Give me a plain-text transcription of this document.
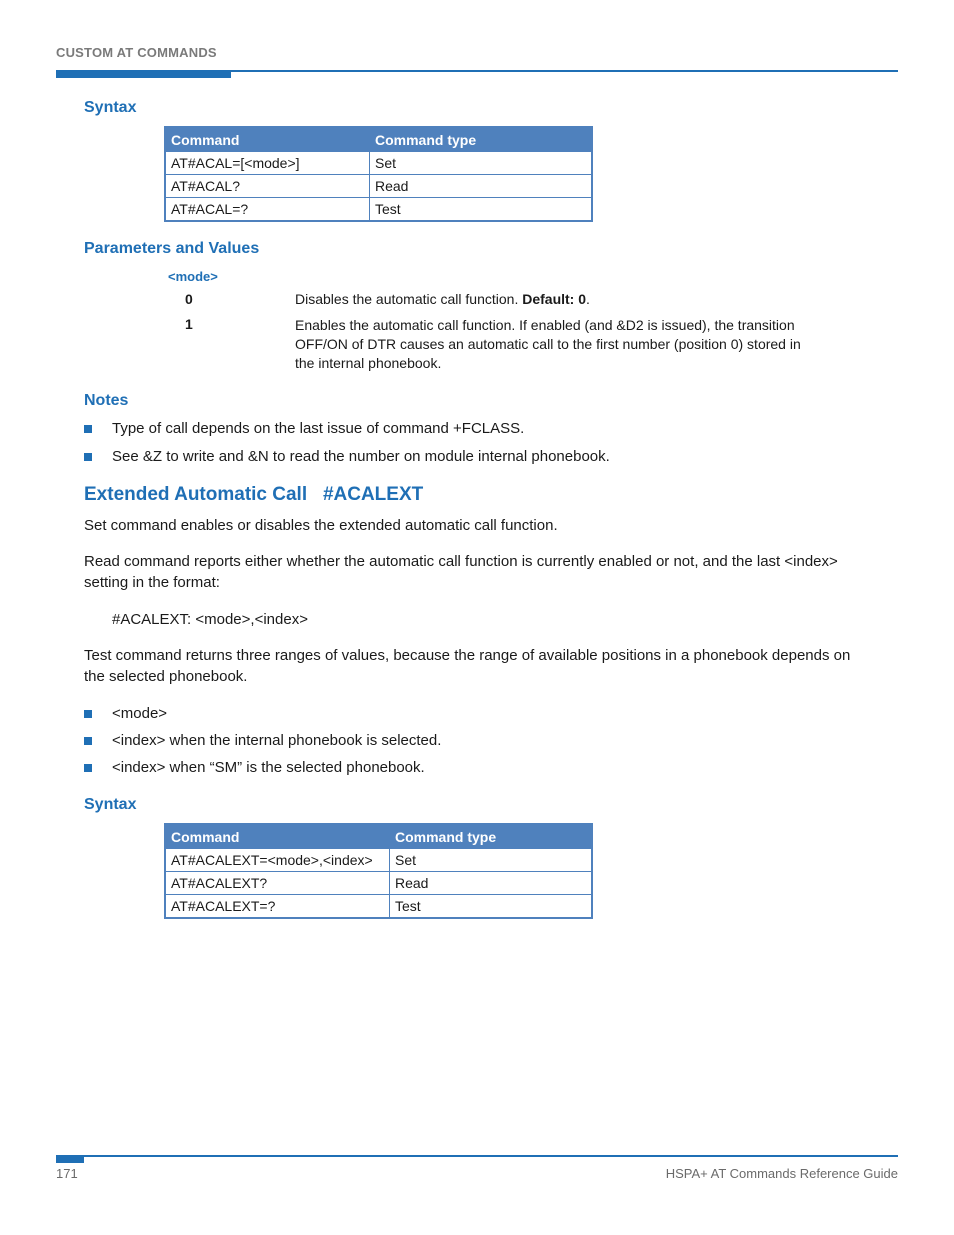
CUSTOM AT COMMANDS
Syntax
Command	Command type
AT#ACAL=[<mode>]	Set
AT#ACAL?	Read
AT#ACAL=?	Test
Parameters and Values
<mode>
0	Disables the automatic call function. Default: 0.
1	Enables the automatic call function. If enabled (and &D2 is issued), the transition OFF/ON of DTR causes an automatic call to the first number (position 0) stored in the internal phonebook.
Notes
Type of call depends on the last issue of command +FCLASS.
See &Z to write and &N to read the number on module internal phonebook.
Extended Automatic Call   #ACALEXT
Set command enables or disables the extended automatic call function.
Read command reports either whether the automatic call function is currently enabled or not, and the last <index> setting in the format:
#ACALEXT: <mode>,<index>
Test command returns three ranges of values, because the range of available positions in a phonebook depends on the selected phonebook.
<mode>
<index> when the internal phonebook is selected.
<index> when “SM” is the selected phonebook.
Syntax
Command	Command type
AT#ACALEXT=<mode>,<index>	Set
AT#ACALEXT?	Read
AT#ACALEXT=?	Test
171	HSPA+ AT Commands Reference Guide
